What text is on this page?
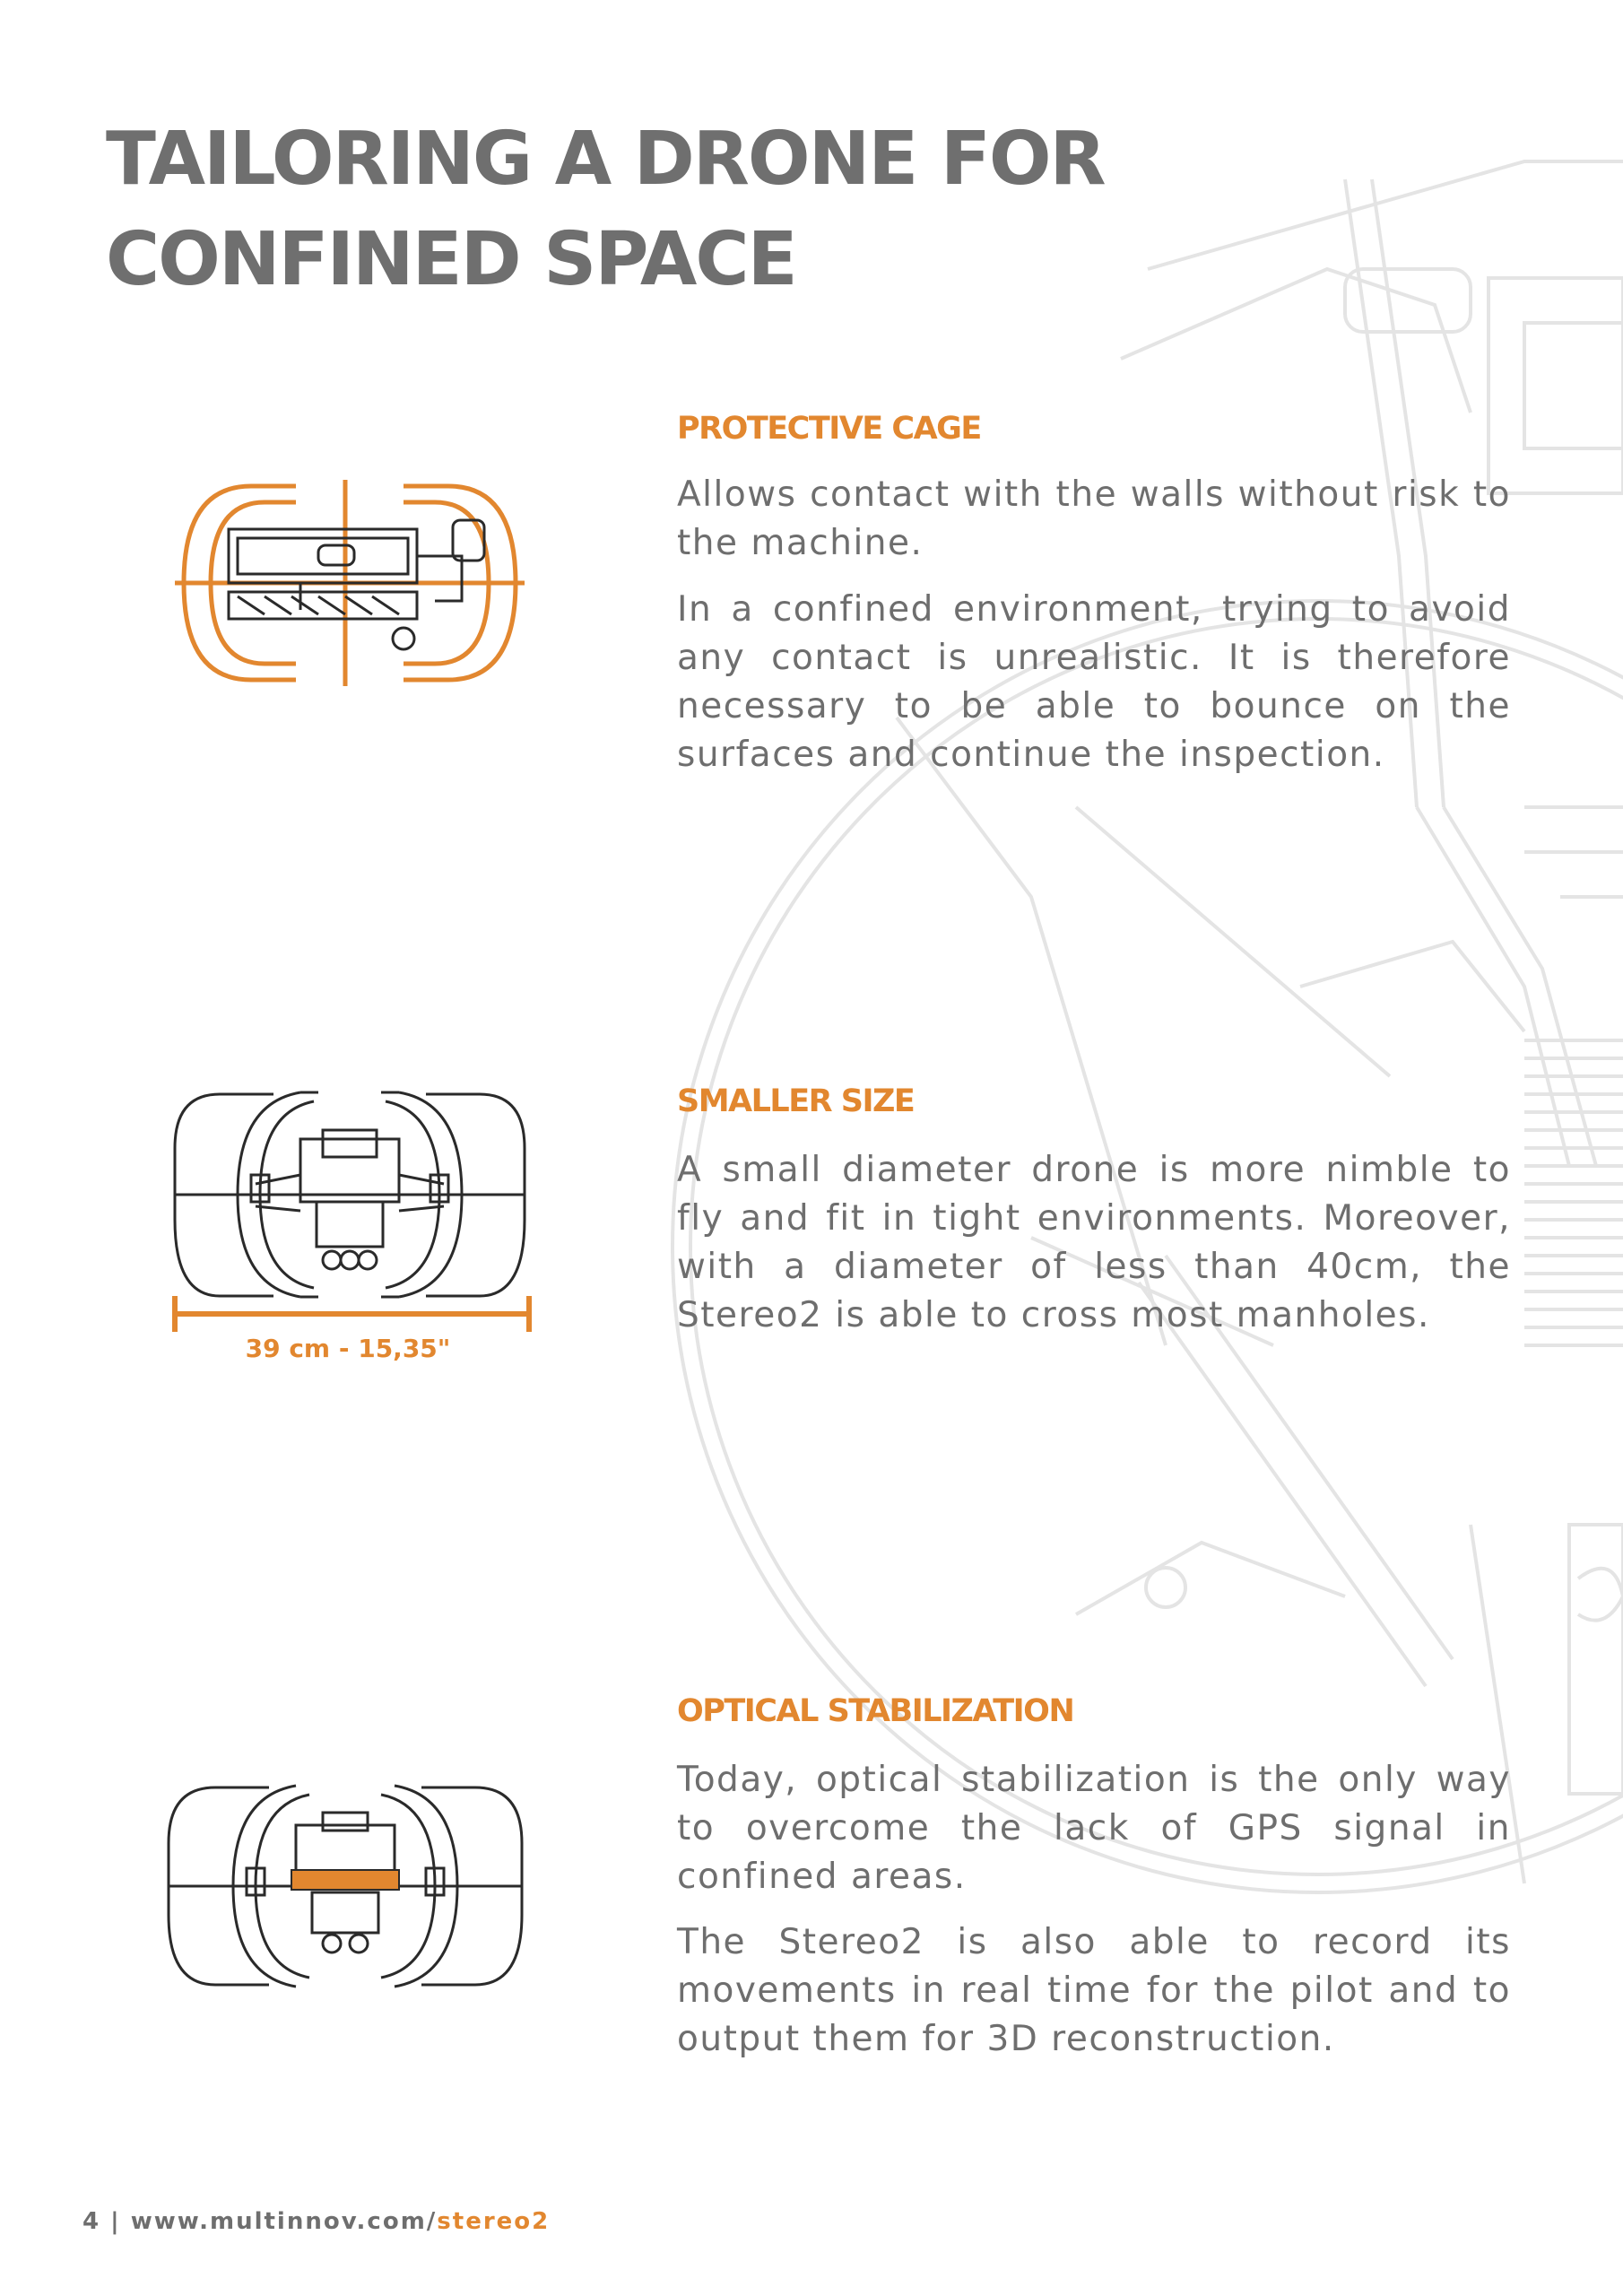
TAILORING A DRONE FOR
CONFINED SPACE
PROTECTIVE CAGE

Allows contact with the walls without risk to the machine.

In a confined environment, trying to avoid any contact is unrealistic. It is therefore necessary to be able to bounce on the surfaces and continue the inspection.

39 cm - 15,35"
SMALLER SIZE

A small diameter drone is more nimble to fly and fit in tight environments. Moreover, with a diameter of less than 40cm, the Stereo2 is able to cross most manholes.

OPTICAL STABILIZATION

Today, optical stabilization is the only way to overcome the lack of GPS signal in confined areas.

The Stereo2 is also able to record its movements in real time for the pilot and to output them for 3D reconstruction.

4 | www.multinnov.com/stereo2
